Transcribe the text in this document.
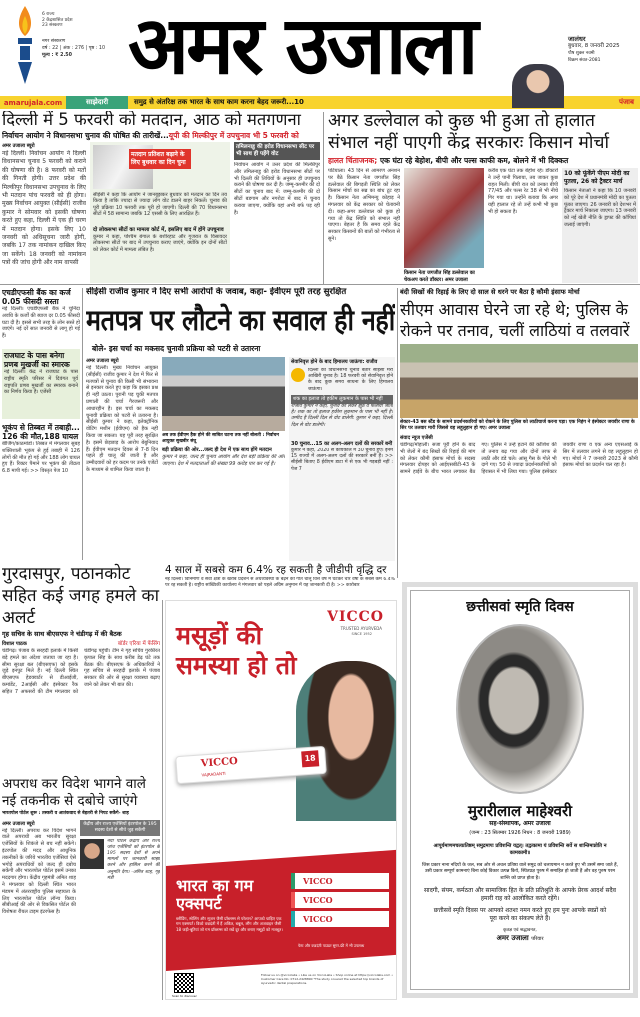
6 राज्य
2 केंद्रशासित प्रदेश
23 संस्करण
नगर संस्करण
वर्ष : 22 | अंक : 276 | पृष्ठ : 10
मूल्य : ₹ 2.50 अमर उजाला	जालंधर
बुधवार, 8 जनवरी 2025
पौष शुक्ल नवमी
विक्रम संवत-2081
amarujala.com	साझेदारी	समुद्र से अंतरिक्ष तक भारत के साथ काम करना बेहद जरूरी...10	पंजाब
दिल्ली में 5 फरवरी को मतदान, आठ को मतगणना
निर्वाचन आयोग ने विधानसभा चुनाव की घोषित की तारीखें...यूपी की मिल्कीपुर में उपचुनाव भी 5 फरवरी को
अमर उजाला ब्यूरो
नई दिल्ली। निर्वाचन आयोग ने दिल्ली विधानसभा चुनाव 5 फरवरी को कराने की घोषणा की है। 8 फरवरी को मतों की गिनती होगी। उत्तर प्रदेश की मिल्कीपुर विधानसभा उपचुनाव के लिए भी मतदान पांच फरवरी को ही होगा। मुख्य निर्वाचन आयुक्त (सीईसी) राजीव कुमार ने सोमवार को इसकी घोषणा करते हुए कहा, दिल्ली में एक ही चरण में मतदान होगा। इसके लिए 10 जनवरी को अधिसूचना जारी होगी, जबकि 17 तक नामांकन दाखिल किए जा सकेंगे। 18 जनवरी को नामांकन पत्रों की जांच होगी और नाम वापसी
मतदान प्रतिशत बढ़ाने के लिए बुधवार का दिन चुना
सीईसी ने कहा कि आयोग ने जानबूझकर बुधवार को मतदान का दिन तय किया है ताकि ज्यादा से ज्यादा लोग वोट डालने बाहर निकलें। चुनाव की पूरी प्रक्रिया 10 फरवरी तक पूरी हो जाएगी। दिल्ली की 70 विधानसभा सीटों में 58 सामान्य जबकि 12 एससी के लिए आरक्षित हैं।
दो लोकसभा सीटों का मामला कोर्ट में, इसलिए बाद में होंगे उपचुनाव
कुमार ने कहा, पश्चिम बंगाल के बशीरहाट और गुजरात के विसावदर लोकसभा सीटों पर बाद में उपचुनाव कराए जाएंगे, क्योंकि इन दोनों सीटों को लेकर कोर्ट में मामला लंबित है।
तमिलनाडु की इरोड विधानसभा सीट पर भी साथ ही पड़ेंगे वोट
निर्वाचन आयोग ने उत्तर प्रदेश की मिल्कीपुर और तमिलनाडु की इरोड विधानसभा सीटों पर भी दिल्ली की तिथियों के अनुसार ही उपचुनाव कराने की घोषणा कर दी है। जम्मू-कश्मीर की दो सीटों का चुनाव बाद में: जम्मू-कश्मीर की दो सीटों बडगाम और नगरोटा में बाद में चुनाव कराया जाएगा, क्योंकि वहां अभी बर्फ पड़ रही है।
अगर डल्लेवाल को कुछ भी हुआ तो हालात संभाल नहीं पाएगी केंद्र सरकारः किसान मोर्चा
हालत चिंताजनक; एक घंटा रहे बेहोश, बीपी और पल्स काफी कम, बोलने में भी दिक्कत
पटियाला। 43 दिन से आमरण अनशन पर बैठे किसान नेता जगजीत सिंह डल्लेवाल की बिगड़ती स्थिति को लेकर किसान मोर्चा का सब्र का बांध टूट रहा है। किसान नेता अभिमन्यु कोहाड़ ने मंगलवार को केंद्र सरकार को चेतावनी दी। कहा-अगर डल्लेवाल को कुछ हो गया तो केंद्र स्थिति को संभाल नहीं पाएगा। बेहतर है कि समय रहते केंद्र सरकार किसानों की बातों को गंभीरता से सुने।
किसान नेता जगजीत सिंह डल्लेवाल का चेकअप करते डॉक्टर। अमर उजाला
करीब एक घंटा तक बेहोश रहे। डॉक्टरों ने उन्हें पानी पिलाया, तब जाकर कुछ राहत मिली। बीपी रात को उनका बीपी 77/45 और पल्स रेट 38 से भी नीचे गिर गया था। उन्होंने बताया कि अगर यही हालात रहे तो उन्हें कभी भी कुछ भी हो सकता है।
10 को फूंकेंगे पीएम मोदी का पुतला, 26 को ट्रैक्टर मार्च
किसान नेताओं ने कहा कि 10 जनवरी को पूरे देश में प्रधानमंत्री मोदी का पुतला फूंका जाएगा। 26 जनवरी को देशभर में ट्रैक्टर मार्च निकाला जाएगा। 13 जनवरी को नई खेती नीति के ड्राफ्ट की कॉपियां जलाई जाएंगी।
एचडीएफसी बैंक का कर्ज 0.05 फीसदी सस्ता
नई दिल्ली। एचडीएफसी बैंक ने चुनिंदा अवधि के कर्जों की ब्याज दर 0.05 फीसदी घटा दी है। इससे सभी तरह के लोन सस्ते हो जाएंगे। नई दरें सात जनवरी से लागू हो गई हैं।
राजघाट के पास बनेगा प्रणब मुखर्जी का स्मारक
नई दिल्ली। केंद्र ने राजघाट के पास राष्ट्रीय स्मृति परिसर में दिवंगत पूर्व राष्ट्रपति प्रणब मुखर्जी का स्मारक बनाने का निर्णय किया है। एजेंसी
भूकंप से तिब्बत में तबाही... 126 की मौत,188 घायल
बीजिंग/काठमांडो। तिब्बत में मंगलवार सुबह शक्तिशाली भूकंप से हुई तबाही में 126 लोगों की मौत हो गई और 188 लोग घायल हुए हैं। रिक्टर पैमाने पर भूकंप की तीव्रता 6.8 मापी गई। >> विस्तृत पेज 10
सीईसी राजीव कुमार ने दिए सभी आरोपों के जवाब, कहा- ईवीएम पूरी तरह सुरक्षित
मतपत्र पर लौटने का सवाल ही नहीं
बोले- इस चर्चा का मकसद चुनावी प्रक्रिया को पटरी से उतारना
अमर उजाला ब्यूरो
नई दिल्ली। मुख्य निर्वाचन आयुक्त (सीईसी) राजीव कुमार ने देश में फिर से मतपत्रों से चुनाव की किसी भी संभावना से इनकार करते हुए कहा कि इसका प्रश्न ही नहीं उठता। पुरानी पड़ चुकी मतपत्र प्रणाली की चर्चा गैरजरूरी और आधारहीन है। इस चर्चा का मकसद चुनावी प्रक्रिया को पटरी से उतारना है। सीईसी कुमार ने कहा, इलेक्ट्रॉनिक वोटिंग मशीन (ईवीएम) को हैक नहीं किया जा सकता। यह पूरी तरह सुरक्षित है। इसमें छेड़छाड़ के आरोप बेबुनियाद हैं। ईवीएम मतदान दिवस से 7-8 दिन पहले ही चालू की जाती है और उम्मीदवारों को हर कदम पर उनके एजेंटों के माध्यम से शामिल किया जाता है।
अब तक ईवीएम हैक होने की साबित घटना तक नहीं बोलती : निर्वाचन आयुक्त सुखबीर संधू
बड़ी प्रक्रिया की ओर...जल्द ही देश में एक साथ होंगे मतदान
कुमार ने कहा, जल्द ही चुनाव आयोग और देश बड़ी प्रक्रिया की ओर जाएगा। देश में मतदाताओं की संख्या 99 करोड़ पार कर गई है।
सेवानिवृत्त होने के बाद हिमालय जाऊंगा: राजीव
दिल्ली का विधानसभा चुनाव बतौर सीईसी मेरा आखिरी चुनाव है। 18 फरवरी को सेवानिवृत्त होने के बाद कुछ समय साधना के लिए हिमालय जाऊंगा।
शक का इलाज तो हकीम लुकमान के पास भी नहीं
राजीव कुमार ने कहा, चुनाव को लेकर झूठ व फैलाया जाता है। शक का तो इलाज हकीम लुकमान के पास भी नहीं है। उम्मीद है दिल्ली दिल से वोट डालेगी: कुमार ने कहा, दिल्ली दिल से वोट डालेगी।
30 चुनाव...15 का अलग-अलग दलों की सरकारें बनीं
कुमार ने कहा, 2020 से कार्यकाल में 30 चुनाव हुए। इनमें 15 राज्यों में अलग-अलग दलों की सरकारें बनीं हैं। >> सीईसी बिताए 8 ईवीएम डाटा में से एक भी गड़बड़ी नहीं : पेज 7
बंदी सिखों की रिहाई के लिए दो साल से धरने पर बैठा है कौमी इंसाफ मोर्चा
सीएम आवास घेरने जा रहे थे; पुलिस के रोकने पर तनाव, चलीं लाठियां व तलवारें
सेक्टर-43 बस स्टैंड के सामने प्रदर्शनकारियों को रोकने के लिए पुलिस को लाठीचार्ज करना पड़ा। एक निहंग ने इंस्पेक्टर जयवीर राणा के सिर पर तलवार मारी जिससे वह लहूलुहान हो गए। अमर उजाला
संवाद न्यूज एजेंसी
चंडीगढ़/मोहाली। सजा पूरी होने के बाद भी जेलों में बंद सिखों की रिहाई की मांग को लेकर कौमी इंसाफ मोर्चा के सदस्य मंगलवार दोपहर को आईएसबीटी-43 के सामने हाईवे के बीच भारत लगाकर बैठ गए। पुलिस ने उन्हें हटाने की कोशिश की तो तनाव बढ़ गया और दोनों तरफ से लाठी और डंडे चले। आंसू गैस के गोले भी दागे गए। 50 से ज्यादा प्रदर्शनकारियों को हिरासत में भी लिया गया। पुलिस इंस्पेक्टर जयवीर राणा व एक अन्य एएसआई के सिर में तलवार लगने से वह लहूलुहान हो गए। मोर्चा ने 7 जनवरी 2023 से कौमी इंसाफ मोर्चा का प्रदर्शन चल रहा है।
4 साल में सबसे कम 6.4% रह सकती है जीडीपी वृद्धि दर
नई दिल्ली। विनिर्माण व सेवा क्षेत्रों के खराब प्रदर्शन से अर्थव्यवस्था के बढ़ने की गति चालू वित्त वर्ष में घटकर चार वर्षों के सबसे कम 6.4% पर रह सकती है। राष्ट्रीय सांख्यिकी कार्यालय ने मंगलवार को पहले अग्रिम अनुमान में यह जानकारी दी है। >> कारोबार
गुरदासपुर, पठानकोट सहित कई जगह हमले का अलर्ट
गृह सचिव के साथ बीएसएफ ने चंडीगढ़ में की बैठक
विशाल पाठक	बॉर्डर एरिया में फेंसिंग
चंडीगढ़। पंजाब के सरहदी इलाके में किसी बड़े हमले का अंदेशा जताया जा रहा है। सीमा सुरक्षा बल (बीएसएफ) को इसके जुड़े इनपुट मिले हैं। नई दिल्ली स्थित बीएसएफ हेडक्वार्टर से डीआईजी, कमांडेंट, 2आईसी और इंस्पेक्टर रैंक सहित 7 अफसरों की टीम मंगलवार को चंडीगढ़ पहुंची। टीम ने गृह सचिव गुरकीरत कृपाल सिंह के साथ करीब डेढ़ घंटे तक बैठक की। बीएसएफ के अधिकारियों ने गृह सचिव से सरहदी इलाके में पंजाब सरकार की ओर से सुरक्षा व्यवस्था बढ़ाए जाने को लेकर भी बात की।
अपराध कर विदेश भागने वाले नई तकनीक से दबोचे जाएंगे
भारतपोल पोर्टल शुरू : तस्करी व आतंकवाद से बेहतरी से निपट सकेंगे- शाह
अमर उजाला ब्यूरो
नई दिल्ली। अपराध कर विदेश भागने वाले अपराधी अब भारतीय सुरक्षा एजेंसियों के शिकंजे से बच नहीं सकेंगे। इंटरपोल की मदद और आधुनिक तकनीकों के जरिये भारतीय एजेंसियां ऐसे भगोड़े अपराधियों को जल्द ही दबोच सकेंगी और भारतपोल पोर्टल इसमें उनका मददगार होगा। केंद्रीय गृहमंत्री अमित शाह ने मंगलवार को दिल्ली स्थित भारत मंडपम में अंतरराष्ट्रीय पुलिस सहायता के लिए भारतपोल पोर्टल लॉन्च किया। सीबीआई की ओर से विकसित पोर्टल की विशेषता रीयल टाइम इंटरफेस है।
केंद्रीय और राज्य एजेंसियों इंटरपोल के 195 सदस्य देशों से सीधे जुड़ सकेंगी
नया पोर्टल केंद्रीय और राज्य जांच एजेंसियों को इंटरपोल के 195 सदस्य देशों से अपने मामलों पर जानकारी साझा करने और हासिल करने की अनुमति देगा। -अमित शाह, गृह मंत्री
VICCO
TRUSTED AYURVEDA
SINCE 1952
मसूड़ों की समस्या हो तो
VICCO
VAJRADANTI
18
भारत का गम एक्सपर्ट
ब्लीडिंग, स्वेलिंग और सूजन जैसी प्रॉब्लम्स से परेशान? आपको चाहिए एक गम एक्सपर्ट। विको वज्रदंती में हैं अकिंत, बबूल, लौंग और अजवाइन जैसी 18 जड़ी-बूटियां जो गम प्रॉब्लम्स को रखें दूर और बनाए मसूड़ों को मजबूत।
VICCO
VICCO
VICCO
पेस्ट और वज्रदंती पाउडर सुगर-फ्री में भी उपलब्ध
Scan to discover
Follow us on @viccolabs • Like us on ViccoLabs • Shop online at https://viccolabs.com • Customer Care No: 0712-2428890 *The study covered the selected top brands of Ayurvedic dental preparations.
छत्तीसवां स्मृति दिवस
मुरारीलाल माहेश्वरी
सह-संस्थापक, अमर उजाला
(जन्म : 23 सितम्बर 1926 निधन : 8 जनवरी 1989)
आपूर्यमाणमचलप्रतिष्ठम् समुद्रमापः प्रविशन्ति यद्वत्। तद्वत्कामा यं प्रविशन्ति सर्वे स शान्तिमाप्नोति न कामकामी॥
जिस प्रकार नाना नदियों के जल, सब ओर से अचल प्रतिष्ठा वाले समुद्र को चलायमान न करते हुए भी उसमें समा जाते हैं, उसी प्रकार सम्पूर्ण कामनाएं बिना कोई विकार उत्पन्न किये, स्थितप्रज्ञ पुरुष में समाहित हो जाती हैं और वह पुरुष परम शान्ति को प्राप्त होता है।
सादगी, संयम, कर्मठता और सामाजिक हित के प्रति प्रतिश्रुति के आपके प्रेरक आदर्श सदैव हमारी राह को आलोकित करते रहेंगे।
छत्तीसवें स्मृति दिवस पर आपको शतशः नमन करते हुए हम पुनः आपके स्वप्नों को पूरा करने का संकल्प लेते हैं।
कृतज्ञ एवं श्रद्धावनत,
अमर उजाला परिवार
